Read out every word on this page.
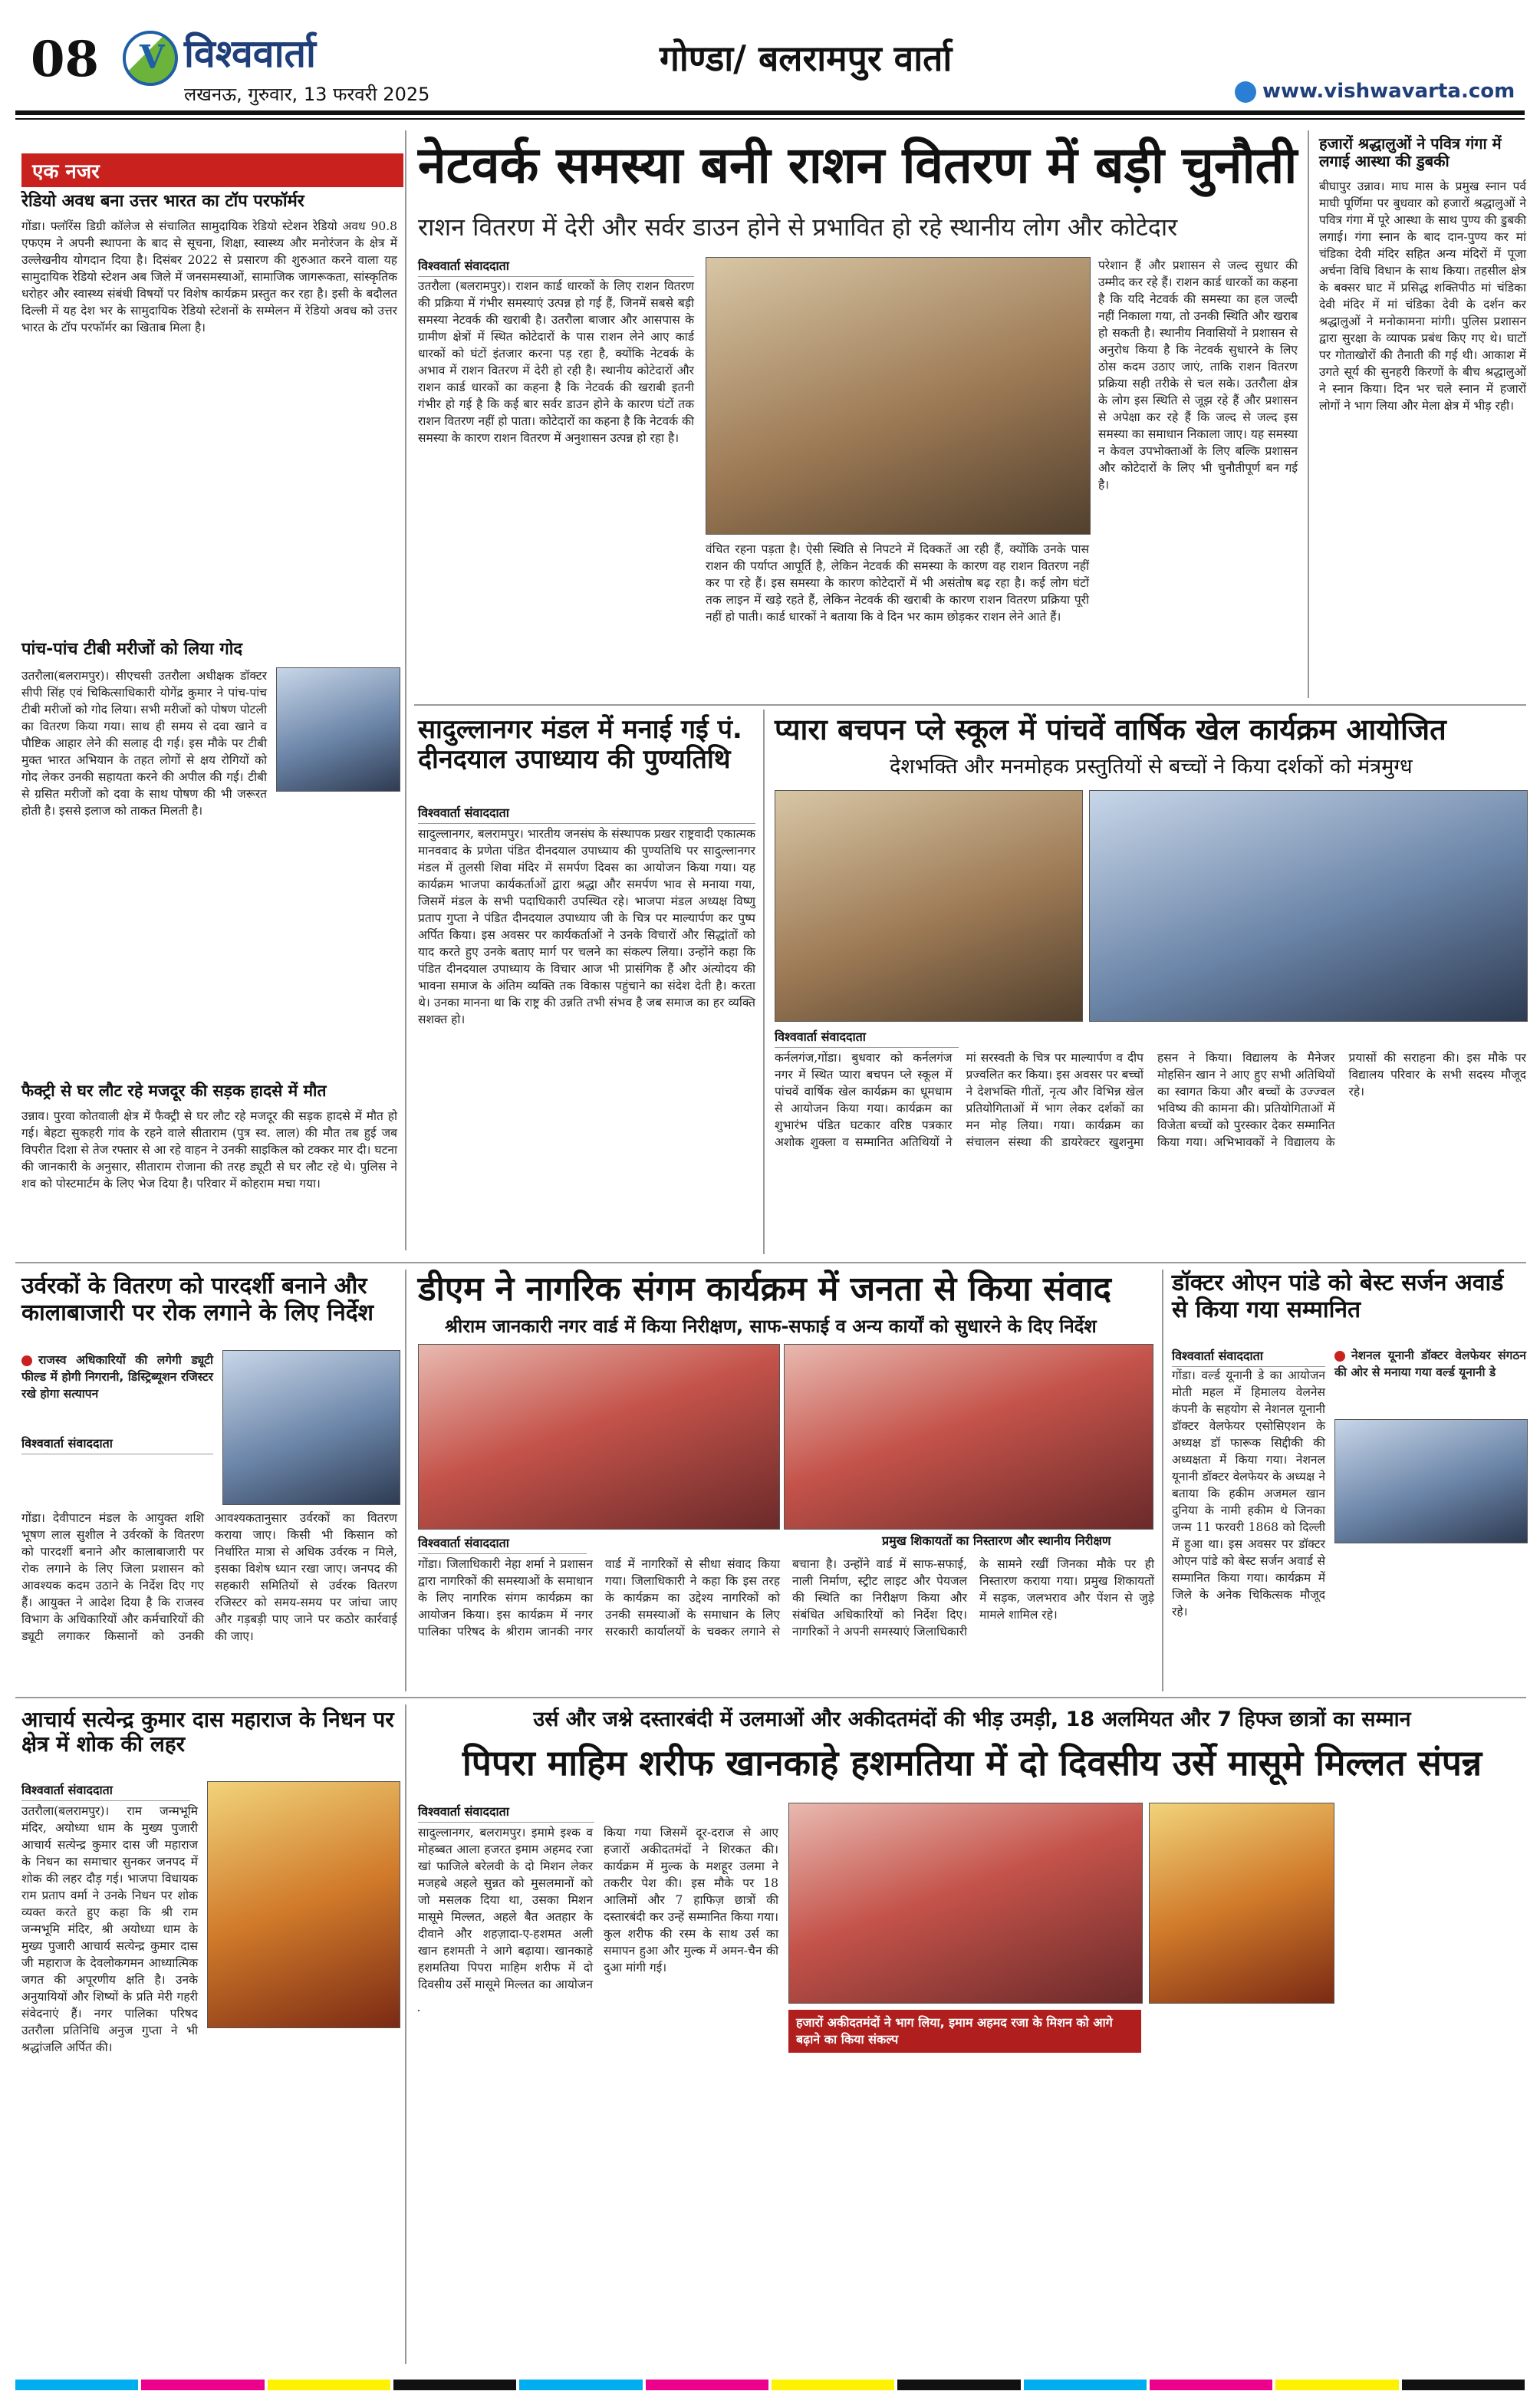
08 V विश्ववार्ता
लखनऊ, गुरुवार, 13 फरवरी 2025
गोण्डा/ बलरामपुर वार्ता
www.vishwavarta.com
एक नजर
रेडियो अवध बना उत्तर भारत का टॉप परफॉर्मर
गोंडा। फ्लॉरेंस डिग्री कॉलेज से संचालित सामुदायिक रेडियो स्टेशन रेडियो अवध 90.8 एफएम ने अपनी स्थापना के बाद से सूचना, शिक्षा, स्वास्थ्य और मनोरंजन के क्षेत्र में उल्लेखनीय योगदान दिया है। दिसंबर 2022 से प्रसारण की शुरुआत करने वाला यह सामुदायिक रेडियो स्टेशन अब जिले में जनसमस्याओं, सामाजिक जागरूकता, सांस्कृतिक धरोहर और स्वास्थ्य संबंधी विषयों पर विशेष कार्यक्रम प्रस्तुत कर रहा है। इसी के बदौलत दिल्ली में यह देश भर के सामुदायिक रेडियो स्टेशनों के सम्मेलन में रेडियो अवध को उत्तर भारत के टॉप परफॉर्मर का खिताब मिला है।
पांच-पांच टीबी मरीजों को लिया गोद
उतरौला(बलरामपुर)। सीएचसी उतरौला अधीक्षक डॉक्टर सीपी सिंह एवं चिकित्साधिकारी योगेंद्र कुमार ने पांच-पांच टीबी मरीजों को गोद लिया। सभी मरीजों को पोषण पोटली का वितरण किया गया। साथ ही समय से दवा खाने व पौष्टिक आहार लेने की सलाह दी गई। इस मौके पर टीबी मुक्त भारत अभियान के तहत लोगों से क्षय रोगियों को गोद लेकर उनकी सहायता करने की अपील की गई। टीबी से ग्रसित मरीजों को दवा के साथ पोषण की भी जरूरत होती है। इससे इलाज को ताकत मिलती है।
फैक्ट्री से घर लौट रहे मजदूर की सड़क हादसे में मौत
उन्नाव। पुरवा कोतवाली क्षेत्र में फैक्ट्री से घर लौट रहे मजदूर की सड़क हादसे में मौत हो गई। बेहटा सुकहरी गांव के रहने वाले सीताराम (पुत्र स्व. लाल) की मौत तब हुई जब विपरीत दिशा से तेज रफ्तार से आ रहे वाहन ने उनकी साइकिल को टक्कर मार दी। घटना की जानकारी के अनुसार, सीताराम रोजाना की तरह ड्यूटी से घर लौट रहे थे। पुलिस ने शव को पोस्टमार्टम के लिए भेज दिया है। परिवार में कोहराम मचा गया।
नेटवर्क समस्या बनी राशन वितरण में बड़ी चुनौती
राशन वितरण में देरी और सर्वर डाउन होने से प्रभावित हो रहे स्थानीय लोग और कोटेदार
विश्ववार्ता संवाददाता
उतरौला (बलरामपुर)। राशन कार्ड धारकों के लिए राशन वितरण की प्रक्रिया में गंभीर समस्याएं उत्पन्न हो गई हैं, जिनमें सबसे बड़ी समस्या नेटवर्क की खराबी है। उतरौला बाजार और आसपास के ग्रामीण क्षेत्रों में स्थित कोटेदारों के पास राशन लेने आए कार्ड धारकों को घंटों इंतजार करना पड़ रहा है, क्योंकि नेटवर्क के अभाव में राशन वितरण में देरी हो रही है। स्थानीय कोटेदारों और राशन कार्ड धारकों का कहना है कि नेटवर्क की खराबी इतनी गंभीर हो गई है कि कई बार सर्वर डाउन होने के कारण घंटों तक राशन वितरण नहीं हो पाता। कोटेदारों का कहना है कि नेटवर्क की समस्या के कारण राशन वितरण में अनुशासन उत्पन्न हो रहा है।
वंचित रहना पड़ता है। ऐसी स्थिति से निपटने में दिक्कतें आ रही हैं, क्योंकि उनके पास राशन की पर्याप्त आपूर्ति है, लेकिन नेटवर्क की समस्या के कारण वह राशन वितरण नहीं कर पा रहे हैं। इस समस्या के कारण कोटेदारों में भी असंतोष बढ़ रहा है। कई लोग घंटों तक लाइन में खड़े रहते हैं, लेकिन नेटवर्क की खराबी के कारण राशन वितरण प्रक्रिया पूरी नहीं हो पाती। कार्ड धारकों ने बताया कि वे दिन भर काम छोड़कर राशन लेने आते हैं।
परेशान हैं और प्रशासन से जल्द सुधार की उम्मीद कर रहे हैं। राशन कार्ड धारकों का कहना है कि यदि नेटवर्क की समस्या का हल जल्दी नहीं निकाला गया, तो उनकी स्थिति और खराब हो सकती है। स्थानीय निवासियों ने प्रशासन से अनुरोध किया है कि नेटवर्क सुधारने के लिए ठोस कदम उठाए जाएं, ताकि राशन वितरण प्रक्रिया सही तरीके से चल सके। उतरौला क्षेत्र के लोग इस स्थिति से जूझ रहे हैं और प्रशासन से अपेक्षा कर रहे हैं कि जल्द से जल्द इस समस्या का समाधान निकाला जाए। यह समस्या न केवल उपभोक्ताओं के लिए बल्कि प्रशासन और कोटेदारों के लिए भी चुनौतीपूर्ण बन गई है।
हजारों श्रद्धालुओं ने पवित्र गंगा में लगाई आस्था की डुबकी
बीघापुर उन्नाव। माघ मास के प्रमुख स्नान पर्व माघी पूर्णिमा पर बुधवार को हजारों श्रद्धालुओं ने पवित्र गंगा में पूरे आस्था के साथ पुण्य की डुबकी लगाई। गंगा स्नान के बाद दान-पुण्य कर मां चंडिका देवी मंदिर सहित अन्य मंदिरों में पूजा अर्चना विधि विधान के साथ किया। तहसील क्षेत्र के बक्सर घाट में प्रसिद्ध शक्तिपीठ मां चंडिका देवी मंदिर में मां चंडिका देवी के दर्शन कर श्रद्धालुओं ने मनोकामना मांगी। पुलिस प्रशासन द्वारा सुरक्षा के व्यापक प्रबंध किए गए थे। घाटों पर गोताखोरों की तैनाती की गई थी। आकाश में उगते सूर्य की सुनहरी किरणों के बीच श्रद्धालुओं ने स्नान किया। दिन भर चले स्नान में हजारों लोगों ने भाग लिया और मेला क्षेत्र में भीड़ रही।
सादुल्लानगर मंडल में मनाई गई पं. दीनदयाल उपाध्याय की पुण्यतिथि
विश्ववार्ता संवाददाता
सादुल्लानगर, बलरामपुर। भारतीय जनसंघ के संस्थापक प्रखर राष्ट्रवादी एकात्मक मानववाद के प्रणेता पंडित दीनदयाल उपाध्याय की पुण्यतिथि पर सादुल्लानगर मंडल में तुलसी शिवा मंदिर में समर्पण दिवस का आयोजन किया गया। यह कार्यक्रम भाजपा कार्यकर्ताओं द्वारा श्रद्धा और समर्पण भाव से मनाया गया, जिसमें मंडल के सभी पदाधिकारी उपस्थित रहे। भाजपा मंडल अध्यक्ष विष्णु प्रताप गुप्ता ने पंडित दीनदयाल उपाध्याय जी के चित्र पर माल्यार्पण कर पुष्प अर्पित किया। इस अवसर पर कार्यकर्ताओं ने उनके विचारों और सिद्धांतों को याद करते हुए उनके बताए मार्ग पर चलने का संकल्प लिया। उन्होंने कहा कि पंडित दीनदयाल उपाध्याय के विचार आज भी प्रासंगिक हैं और अंत्योदय की भावना समाज के अंतिम व्यक्ति तक विकास पहुंचाने का संदेश देती है। करता थे। उनका मानना था कि राष्ट्र की उन्नति तभी संभव है जब समाज का हर व्यक्ति सशक्त हो।
प्यारा बचपन प्ले स्कूल में पांचवें वार्षिक खेल कार्यक्रम आयोजित
देशभक्ति और मनमोहक प्रस्तुतियों से बच्चों ने किया दर्शकों को मंत्रमुग्ध
विश्ववार्ता संवाददाता
कर्नलगंज,गोंडा। बुधवार को कर्नलगंज नगर में स्थित प्यारा बचपन प्ले स्कूल में पांचवें वार्षिक खेल कार्यक्रम का धूमधाम से आयोजन किया गया। कार्यक्रम का शुभारंभ पंडित घटकार वरिष्ठ पत्रकार अशोक शुक्ला व सम्मानित अतिथियों ने मां सरस्वती के चित्र पर माल्यार्पण व दीप प्रज्वलित कर किया। इस अवसर पर बच्चों ने देशभक्ति गीतों, नृत्य और विभिन्न खेल प्रतियोगिताओं में भाग लेकर दर्शकों का मन मोह लिया। गया। कार्यक्रम का संचालन संस्था की डायरेक्टर खुशनुमा हसन ने किया। विद्यालय के मैनेजर मोहसिन खान ने आए हुए सभी अतिथियों का स्वागत किया और बच्चों के उज्ज्वल भविष्य की कामना की। प्रतियोगिताओं में विजेता बच्चों को पुरस्कार देकर सम्मानित किया गया। अभिभावकों ने विद्यालय के प्रयासों की सराहना की। इस मौके पर विद्यालय परिवार के सभी सदस्य मौजूद रहे।
उर्वरकों के वितरण को पारदर्शी बनाने और कालाबाजारी पर रोक लगाने के लिए निर्देश
राजस्व अधिकारियों की लगेगी ड्यूटी फील्ड में होगी निगरानी, डिस्ट्रिब्यूशन रजिस्टर रखे होगा सत्यापन
विश्ववार्ता संवाददाता
गोंडा। देवीपाटन मंडल के आयुक्त शशि भूषण लाल सुशील ने उर्वरकों के वितरण को पारदर्शी बनाने और कालाबाजारी पर रोक लगाने के लिए जिला प्रशासन को आवश्यक कदम उठाने के निर्देश दिए गए हैं। आयुक्त ने आदेश दिया है कि राजस्व विभाग के अधिकारियों और कर्मचारियों की ड्यूटी लगाकर किसानों को उनकी आवश्यकतानुसार उर्वरकों का वितरण कराया जाए। किसी भी किसान को निर्धारित मात्रा से अधिक उर्वरक न मिले, इसका विशेष ध्यान रखा जाए। जनपद की सहकारी समितियों से उर्वरक वितरण रजिस्टर को समय-समय पर जांचा जाए और गड़बड़ी पाए जाने पर कठोर कार्रवाई की जाए।
डीएम ने नागरिक संगम कार्यक्रम में जनता से किया संवाद
श्रीराम जानकारी नगर वार्ड में किया निरीक्षण, साफ-सफाई व अन्य कार्यों को सुधारने के दिए निर्देश
विश्ववार्ता संवाददाता
गोंडा। जिलाधिकारी नेहा शर्मा ने प्रशासन द्वारा नागरिकों की समस्याओं के समाधान के लिए नागरिक संगम कार्यक्रम का आयोजन किया। इस कार्यक्रम में नगर पालिका परिषद के श्रीराम जानकी नगर वार्ड में नागरिकों से सीधा संवाद किया गया। जिलाधिकारी ने कहा कि इस तरह के कार्यक्रम का उद्देश्य नागरिकों को उनकी समस्याओं के समाधान के लिए सरकारी कार्यालयों के चक्कर लगाने से बचाना है। उन्होंने वार्ड में साफ-सफाई, नाली निर्माण, स्ट्रीट लाइट और पेयजल की स्थिति का निरीक्षण किया और संबंधित अधिकारियों को निर्देश दिए। नागरिकों ने अपनी समस्याएं जिलाधिकारी के सामने रखीं जिनका मौके पर ही निस्तारण कराया गया। प्रमुख शिकायतों में सड़क, जलभराव और पेंशन से जुड़े मामले शामिल रहे।
प्रमुख शिकायतों का निस्तारण और स्थानीय निरीक्षण
डॉक्टर ओएन पांडे को बेस्ट सर्जन अवार्ड से किया गया सम्मानित
विश्ववार्ता संवाददाता
गोंडा। वर्ल्ड यूनानी डे का आयोजन मोती महल में हिमालय वेलनेस कंपनी के सहयोग से नेशनल यूनानी डॉक्टर वेलफेयर एसोसिएशन के अध्यक्ष डॉ फारूक सिद्दीकी की अध्यक्षता में किया गया। नेशनल यूनानी डॉक्टर वेलफेयर के अध्यक्ष ने बताया कि हकीम अजमल खान दुनिया के नामी हकीम थे जिनका जन्म 11 फरवरी 1868 को दिल्ली में हुआ था। इस अवसर पर डॉक्टर ओएन पांडे को बेस्ट सर्जन अवार्ड से सम्मानित किया गया। कार्यक्रम में जिले के अनेक चिकित्सक मौजूद रहे।
नेशनल यूनानी डॉक्टर वेलफेयर संगठन की ओर से मनाया गया वर्ल्ड यूनानी डे
आचार्य सत्येन्द्र कुमार दास महाराज के निधन पर क्षेत्र में शोक की लहर
विश्ववार्ता संवाददाता
उतरौला(बलरामपुर)। राम जन्मभूमि मंदिर, अयोध्या धाम के मुख्य पुजारी आचार्य सत्येन्द्र कुमार दास जी महाराज के निधन का समाचार सुनकर जनपद में शोक की लहर दौड़ गई। भाजपा विधायक राम प्रताप वर्मा ने उनके निधन पर शोक व्यक्त करते हुए कहा कि श्री राम जन्मभूमि मंदिर, श्री अयोध्या धाम के मुख्य पुजारी आचार्य सत्येन्द्र कुमार दास जी महाराज के देवलोकगमन आध्यात्मिक जगत की अपूरणीय क्षति है। उनके अनुयायियों और शिष्यों के प्रति मेरी गहरी संवेदनाएं हैं। नगर पालिका परिषद उतरौला प्रतिनिधि अनुज गुप्ता ने भी श्रद्धांजलि अर्पित की।
उर्स और जश्ने दस्तारबंदी में उलमाओं और अकीदतमंदों की भीड़ उमड़ी, 18 अलमियत और 7 हिफ्ज छात्रों का सम्मान
पिपरा माहिम शरीफ खानकाहे हशमतिया में दो दिवसीय उर्से मासूमे मिल्लत संपन्न
विश्ववार्ता संवाददाता
सादुल्लानगर, बलरामपुर। इमामे इश्क व मोहब्बत आला हजरत इमाम अहमद रजा खां फाजिले बरेलवी के दो मिशन लेकर मजहबे अहले सुन्नत को मुसलमानों को जो मसलक दिया था, उसका मिशन मासूमे मिल्लत, अहले बैत अतहार के दीवाने और शहज़ादा-ए-हशमत अली खान हशमती ने आगे बढ़ाया। खानकाहे हशमतिया पिपरा माहिम शरीफ में दो दिवसीय उर्से मासूमे मिल्लत का आयोजन किया गया जिसमें दूर-दराज से आए हजारों अकीदतमंदों ने शिरकत की। कार्यक्रम में मुल्क के मशहूर उलमा ने तकरीर पेश की। इस मौके पर 18 आलिमों और 7 हाफिज़ छात्रों की दस्तारबंदी कर उन्हें सम्मानित किया गया। कुल शरीफ की रस्म के साथ उर्स का समापन हुआ और मुल्क में अमन-चैन की दुआ मांगी गई।
हजारों अकीदतमंदों ने भाग लिया, इमाम अहमद रजा के मिशन को आगे बढ़ाने का किया संकल्प
